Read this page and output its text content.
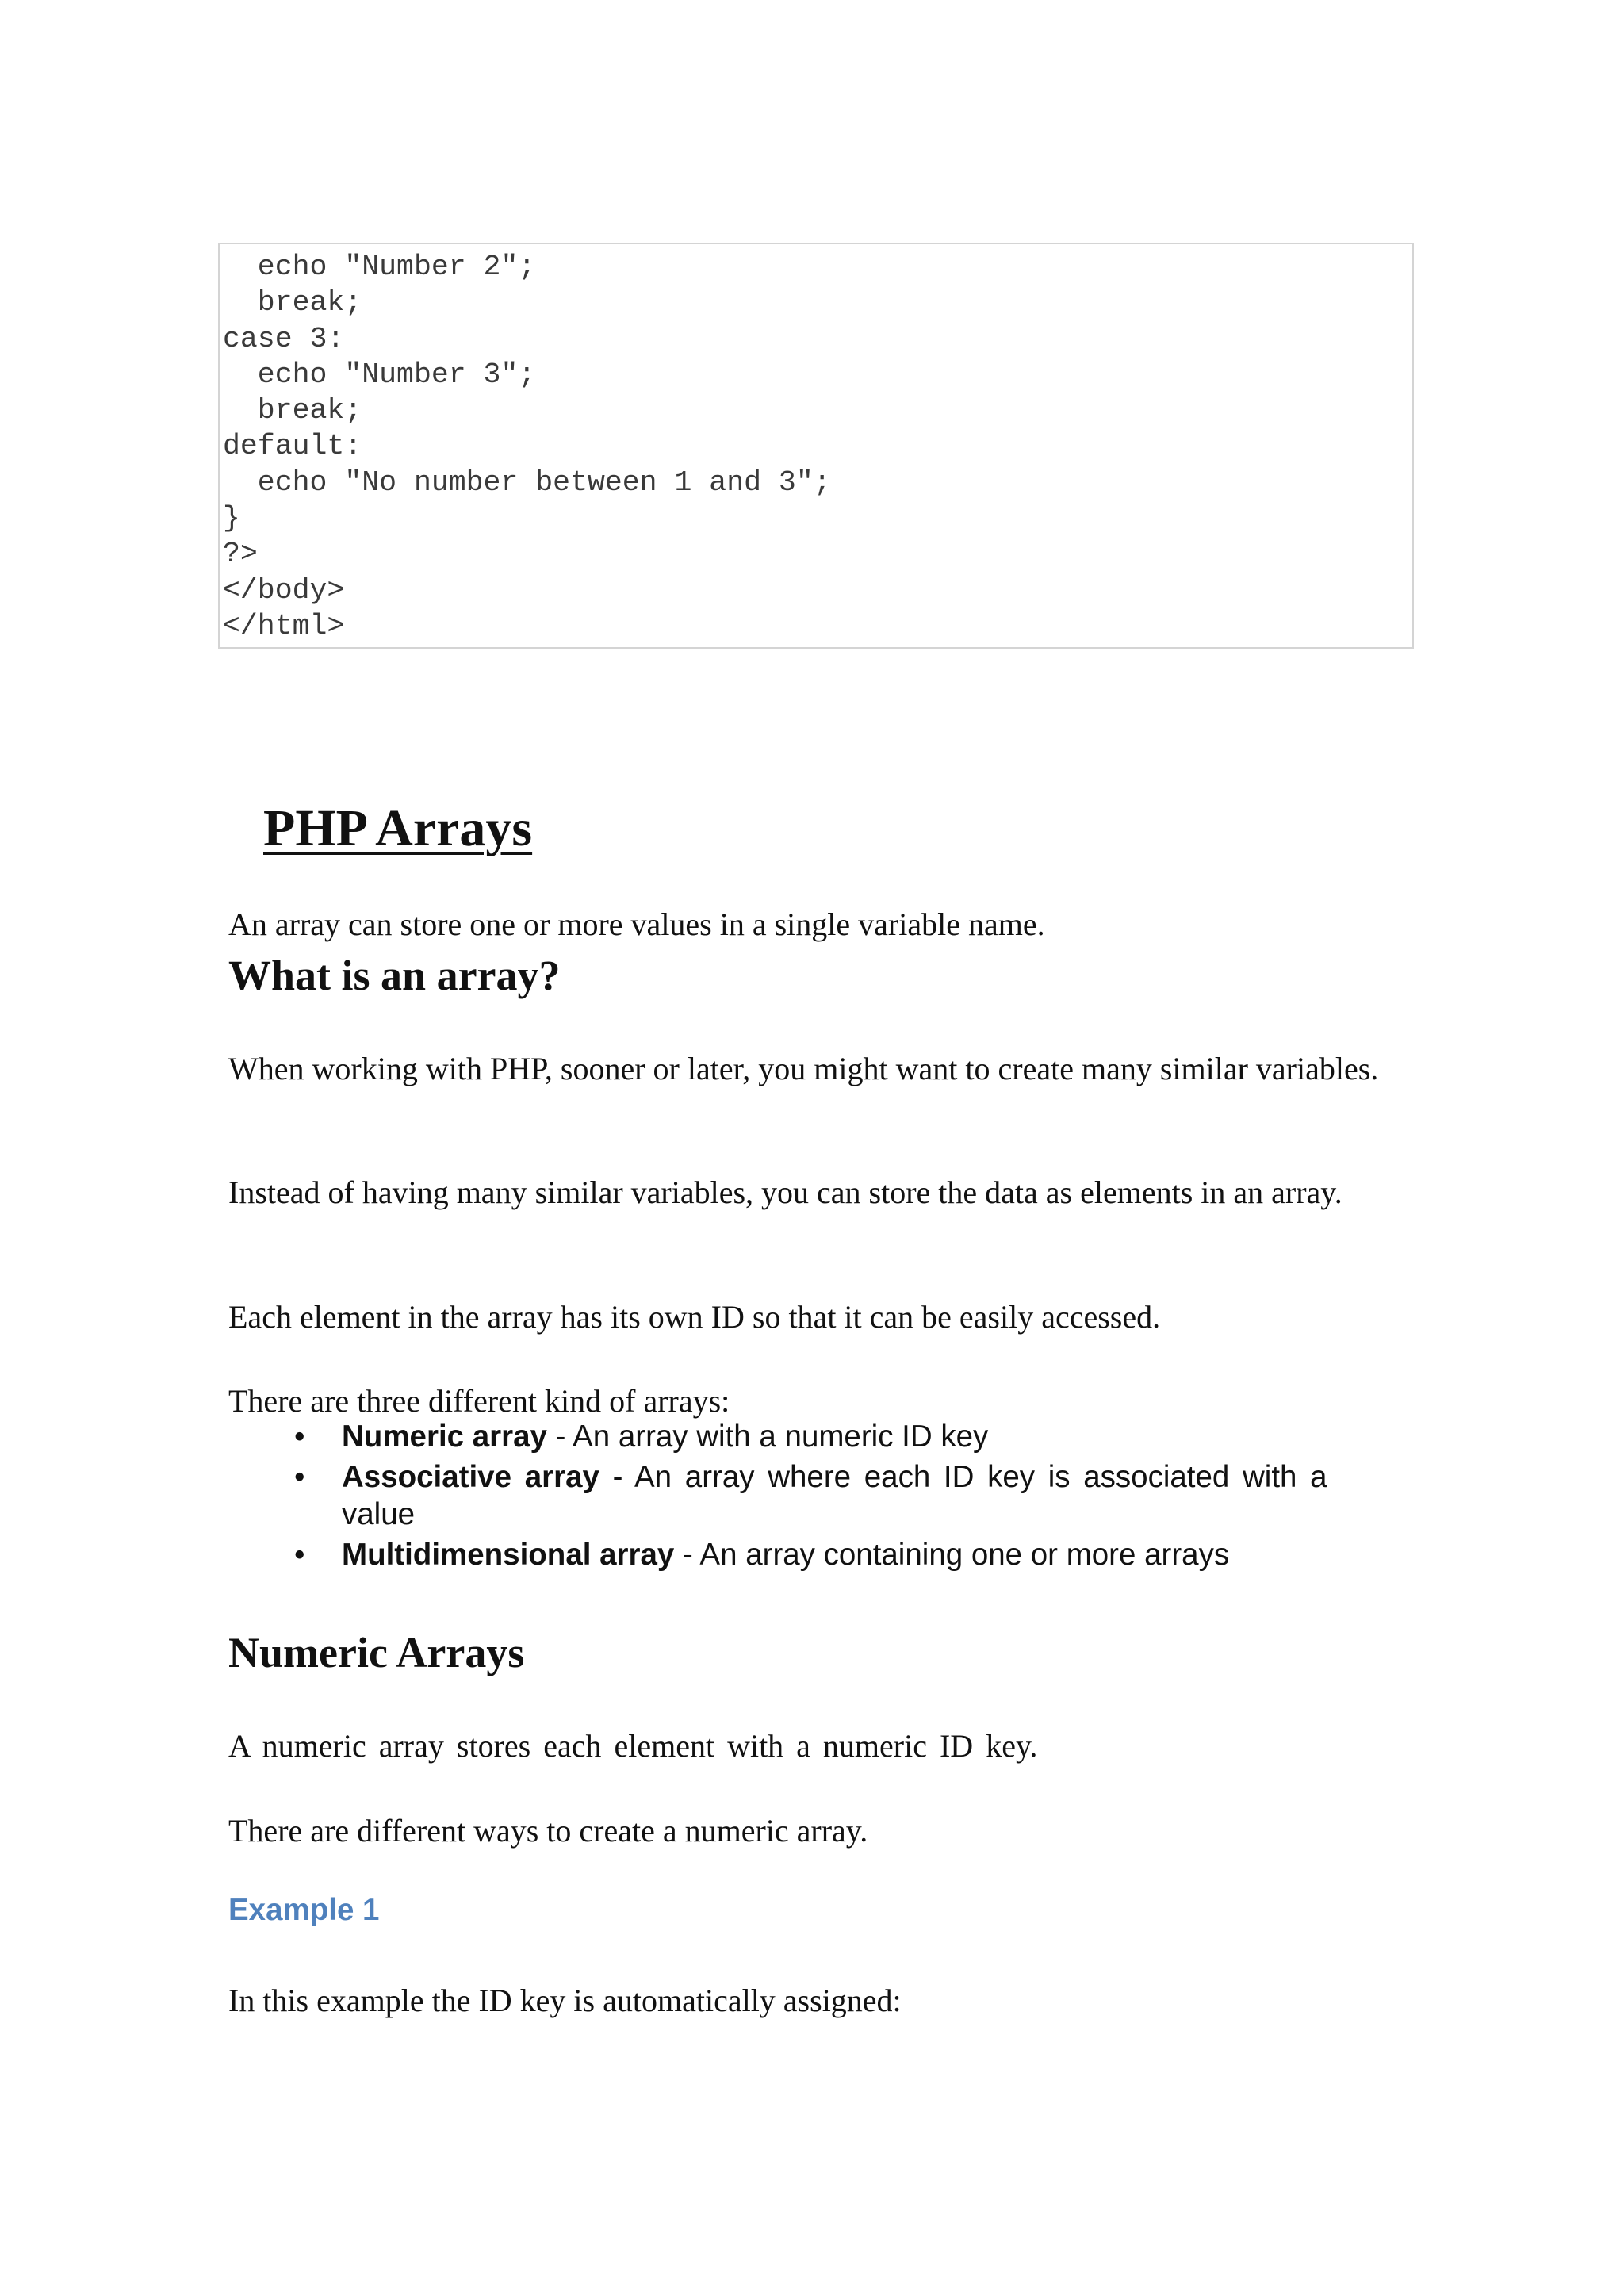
echo "Number 2";
break;
case 3:
echo "Number 3";
break;
default:
echo "No number between 1 and 3";
}
?>
</body>
</html>
PHP Arrays

An array can store one or more values in a single variable name.

What is an array?

When working with PHP, sooner or later, you might want to create many similar variables.

Instead of having many similar variables, you can store the data as elements in an array.

Each element in the array has its own ID so that it can be easily accessed.

There are three different kind of arrays:

• Numeric array - An array with a numeric ID key
• Associative array - An array where each ID key is associated with a value
• Multidimensional array - An array containing one or more arrays
Numeric Arrays

A numeric array stores each element with a numeric ID key.

There are different ways to create a numeric array.

Example 1

In this example the ID key is automatically assigned:
